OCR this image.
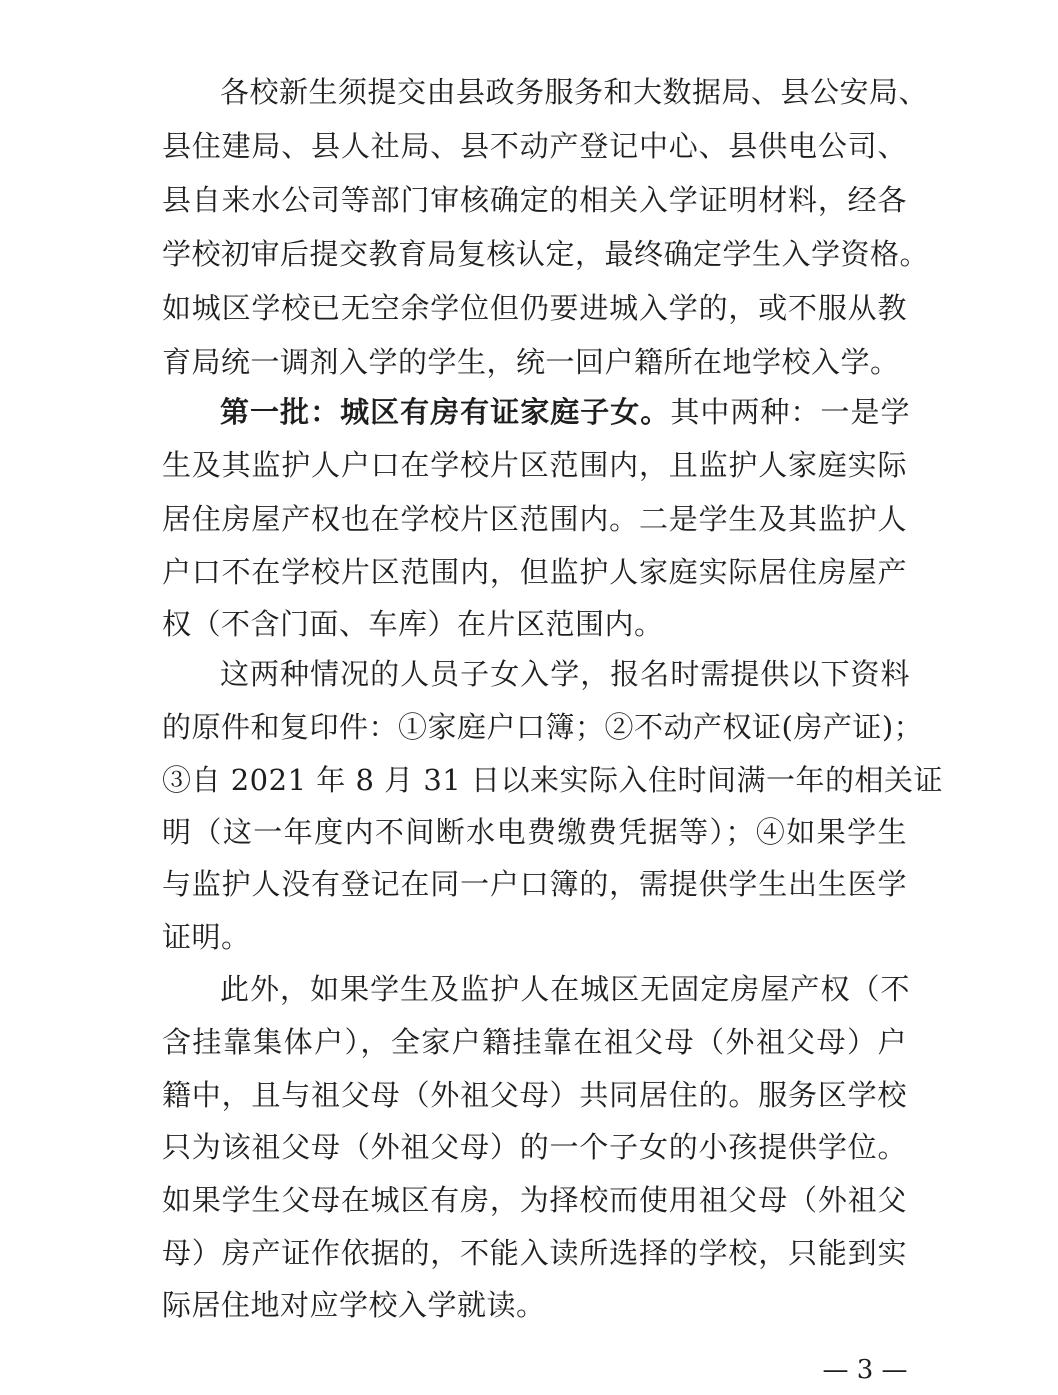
各校新生须提交由县政务服务和大数据局、县公安局、
县住建局、县人社局、县不动产登记中心、县供电公司、
县自来水公司等部门审核确定的相关入学证明材料，经各
学校初审后提交教育局复核认定，最终确定学生入学资格。
如城区学校已无空余学位但仍要进城入学的，或不服从教
育局统一调剂入学的学生，统一回户籍所在地学校入学。
第一批：城区有房有证家庭子女。其中两种：一是学
生及其监护人户口在学校片区范围内，且监护人家庭实际
居住房屋产权也在学校片区范围内。二是学生及其监护人
户口不在学校片区范围内，但监护人家庭实际居住房屋产
权（不含门面、车库）在片区范围内。
这两种情况的人员子女入学，报名时需提供以下资料
的原件和复印件：①家庭户口簿；②不动产权证(房产证)；
③自 2021 年 8 月 31 日以来实际入住时间满一年的相关证
明（这一年度内不间断水电费缴费凭据等）；④如果学生
与监护人没有登记在同一户口簿的，需提供学生出生医学
证明。
此外，如果学生及监护人在城区无固定房屋产权（不
含挂靠集体户），全家户籍挂靠在祖父母（外祖父母）户
籍中，且与祖父母（外祖父母）共同居住的。服务区学校
只为该祖父母（外祖父母）的一个子女的小孩提供学位。
如果学生父母在城区有房，为择校而使用祖父母（外祖父
母）房产证作依据的，不能入读所选择的学校，只能到实
际居住地对应学校入学就读。
— 3 —
